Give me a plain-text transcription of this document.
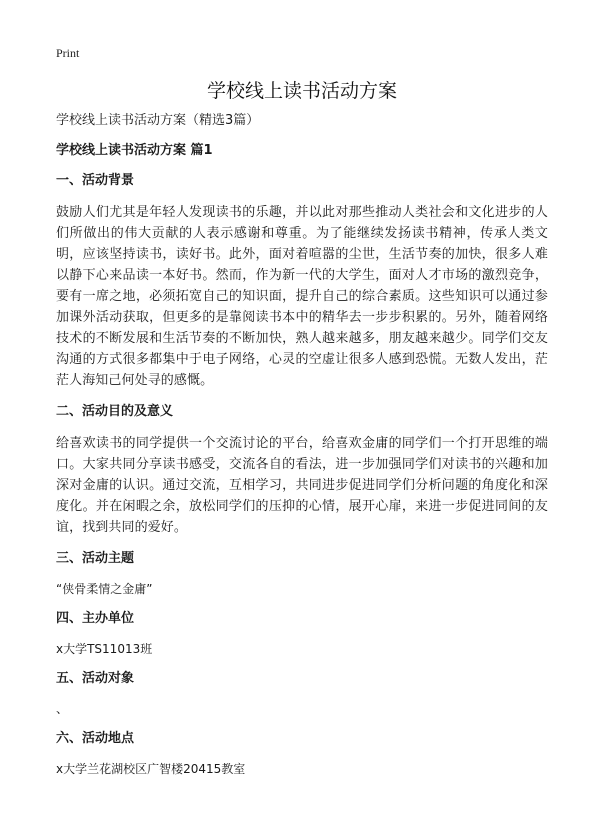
Print
学校线上读书活动方案

学校线上读书活动方案（精选3篇）

学校线上读书活动方案 篇1

一、活动背景

鼓励人们尤其是年轻人发现读书的乐趣，并以此对那些推动人类社会和文化进步的人们所做出的伟大贡献的人表示感谢和尊重。为了能继续发扬读书精神，传承人类文明，应该坚持读书，读好书。此外，面对着喧嚣的尘世，生活节奏的加快，很多人难以静下心来品读一本好书。然而，作为新一代的大学生，面对人才市场的激烈竞争，要有一席之地，必须拓宽自己的知识面，提升自己的综合素质。这些知识可以通过参加课外活动获取，但更多的是靠阅读书本中的精华去一步步积累的。另外，随着网络技术的不断发展和生活节奏的不断加快，熟人越来越多，朋友越来越少。同学们交友沟通的方式很多都集中于电子网络，心灵的空虚让很多人感到恐慌。无数人发出，茫茫人海知己何处寻的感慨。

二、活动目的及意义

给喜欢读书的同学提供一个交流讨论的平台，给喜欢金庸的同学们一个打开思维的端口。大家共同分享读书感受，交流各自的看法，进一步加强同学们对读书的兴趣和加深对金庸的认识。通过交流，互相学习，共同进步促进同学们分析问题的角度化和深度化。并在闲暇之余，放松同学们的压抑的心情，展开心扉，来进一步促进同间的友谊，找到共同的爱好。

三、活动主题

“侠骨柔情之金庸”

四、主办单位

x大学TS11013班

五、活动对象

、

六、活动地点

x大学兰花湖校区广智楼20415教室
